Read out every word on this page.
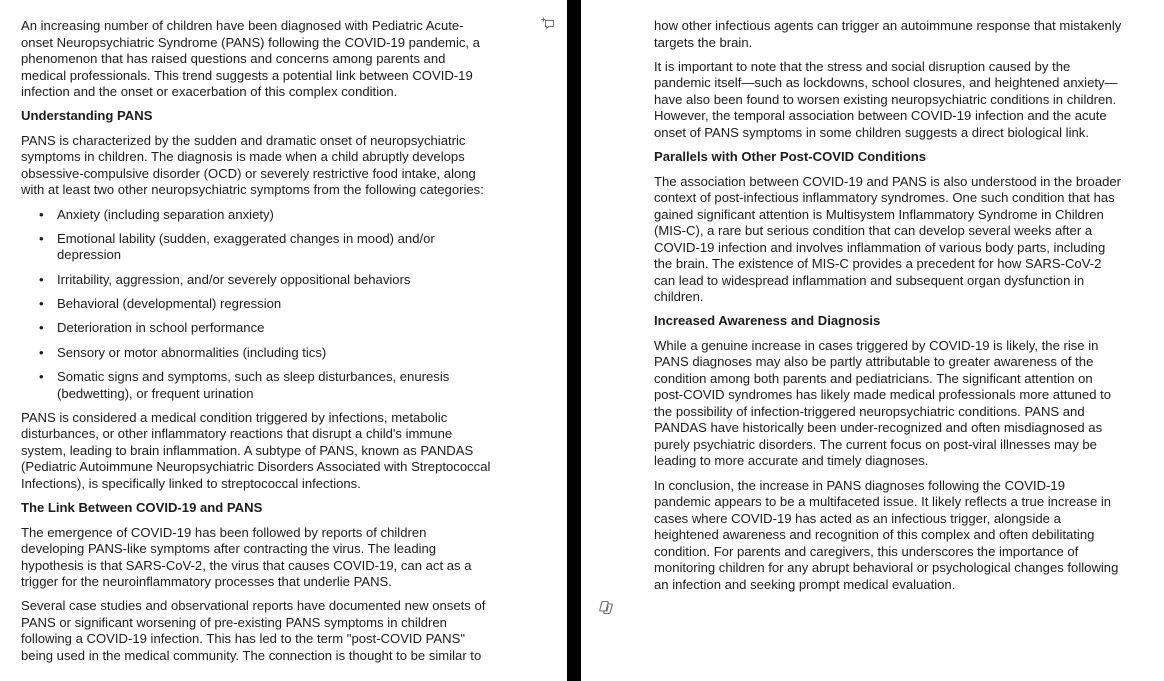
An increasing number of children have been diagnosed with Pediatric Acute-
onset Neuropsychiatric Syndrome (PANS) following the COVID-19 pandemic, a
phenomenon that has raised questions and concerns among parents and
medical professionals. This trend suggests a potential link between COVID-19
infection and the onset or exacerbation of this complex condition.
Understanding PANS
PANS is characterized by the sudden and dramatic onset of neuropsychiatric
symptoms in children. The diagnosis is made when a child abruptly develops
obsessive-compulsive disorder (OCD) or severely restrictive food intake, along
with at least two other neuropsychiatric symptoms from the following categories:
• Anxiety (including separation anxiety)
• Emotional lability (sudden, exaggerated changes in mood) and/or
depression
• Irritability, aggression, and/or severely oppositional behaviors
• Behavioral (developmental) regression
• Deterioration in school performance
• Sensory or motor abnormalities (including tics)
• Somatic signs and symptoms, such as sleep disturbances, enuresis
(bedwetting), or frequent urination
PANS is considered a medical condition triggered by infections, metabolic
disturbances, or other inflammatory reactions that disrupt a child's immune
system, leading to brain inflammation. A subtype of PANS, known as PANDAS
(Pediatric Autoimmune Neuropsychiatric Disorders Associated with Streptococcal
Infections), is specifically linked to streptococcal infections.
The Link Between COVID-19 and PANS
The emergence of COVID-19 has been followed by reports of children
developing PANS-like symptoms after contracting the virus. The leading
hypothesis is that SARS-CoV-2, the virus that causes COVID-19, can act as a
trigger for the neuroinflammatory processes that underlie PANS.
Several case studies and observational reports have documented new onsets of
PANS or significant worsening of pre-existing PANS symptoms in children
following a COVID-19 infection. This has led to the term "post-COVID PANS"
being used in the medical community. The connection is thought to be similar to
how other infectious agents can trigger an autoimmune response that mistakenly
targets the brain.
It is important to note that the stress and social disruption caused by the
pandemic itself—such as lockdowns, school closures, and heightened anxiety—
have also been found to worsen existing neuropsychiatric conditions in children.
However, the temporal association between COVID-19 infection and the acute
onset of PANS symptoms in some children suggests a direct biological link.
Parallels with Other Post-COVID Conditions
The association between COVID-19 and PANS is also understood in the broader
context of post-infectious inflammatory syndromes. One such condition that has
gained significant attention is Multisystem Inflammatory Syndrome in Children
(MIS-C), a rare but serious condition that can develop several weeks after a
COVID-19 infection and involves inflammation of various body parts, including
the brain. The existence of MIS-C provides a precedent for how SARS-CoV-2
can lead to widespread inflammation and subsequent organ dysfunction in
children.
Increased Awareness and Diagnosis
While a genuine increase in cases triggered by COVID-19 is likely, the rise in
PANS diagnoses may also be partly attributable to greater awareness of the
condition among both parents and pediatricians. The significant attention on
post-COVID syndromes has likely made medical professionals more attuned to
the possibility of infection-triggered neuropsychiatric conditions. PANS and
PANDAS have historically been under-recognized and often misdiagnosed as
purely psychiatric disorders. The current focus on post-viral illnesses may be
leading to more accurate and timely diagnoses.
In conclusion, the increase in PANS diagnoses following the COVID-19
pandemic appears to be a multifaceted issue. It likely reflects a true increase in
cases where COVID-19 has acted as an infectious trigger, alongside a
heightened awareness and recognition of this complex and often debilitating
condition. For parents and caregivers, this underscores the importance of
monitoring children for any abrupt behavioral or psychological changes following
an infection and seeking prompt medical evaluation.
